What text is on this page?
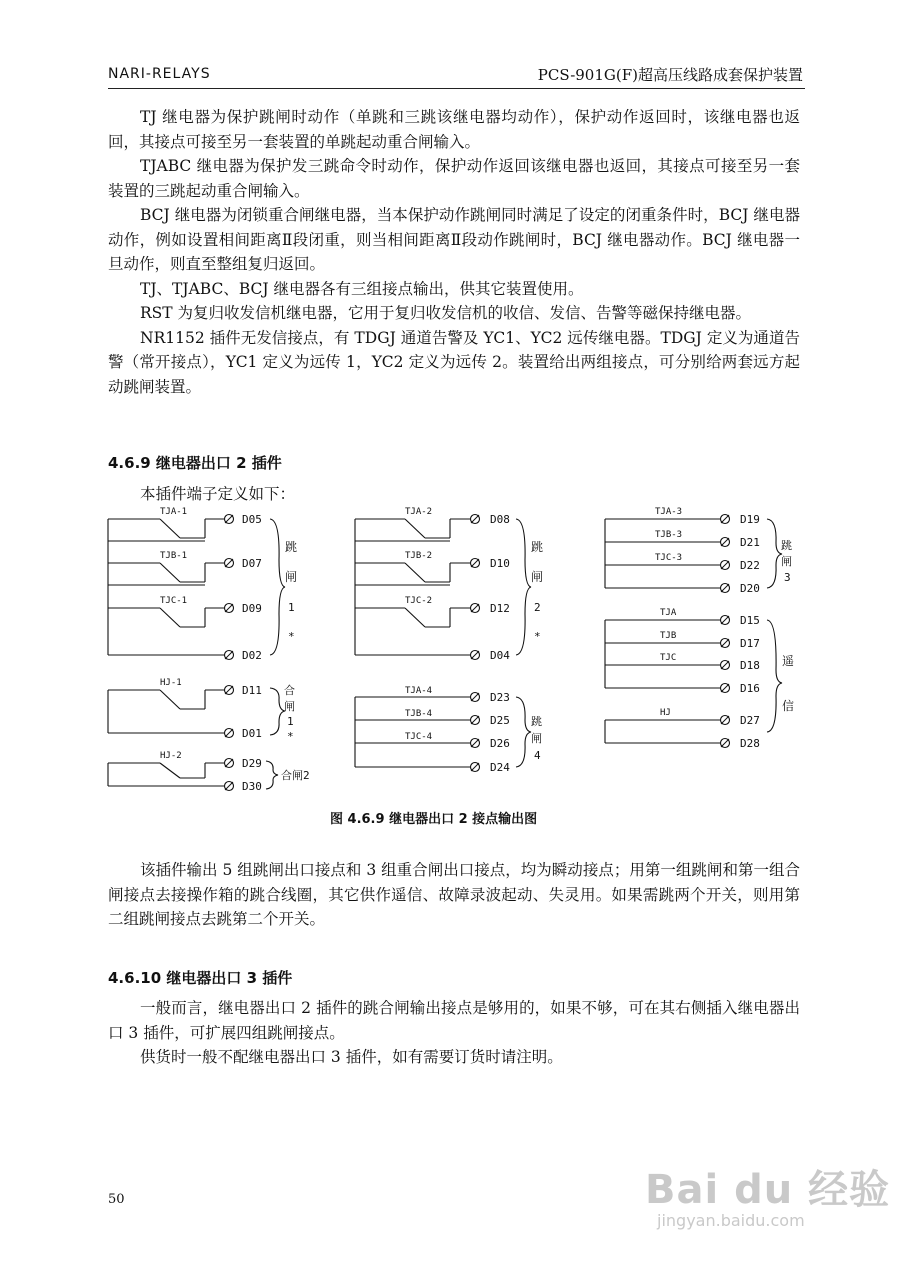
NARI-RELAYS	PCS-901G(F)超高压线路成套保护装置

TJ 继电器为保护跳闸时动作（单跳和三跳该继电器均动作），保护动作返回时，该继电器也返回，其接点可接至另一套装置的单跳起动重合闸输入。

TJABC 继电器为保护发三跳命令时动作，保护动作返回该继电器也返回，其接点可接至另一套装置的三跳起动重合闸输入。

BCJ 继电器为闭锁重合闸继电器，当本保护动作跳闸同时满足了设定的闭重条件时，BCJ 继电器动作，例如设置相间距离Ⅱ段闭重，则当相间距离Ⅱ段动作跳闸时，BCJ 继电器动作。BCJ 继电器一旦动作，则直至整组复归返回。

TJ、TJABC、BCJ 继电器各有三组接点输出，供其它装置使用。

RST 为复归收发信机继电器，它用于复归收发信机的收信、发信、告警等磁保持继电器。

NR1152 插件无发信接点，有 TDGJ 通道告警及 YC1、YC2 远传继电器。TDGJ 定义为通道告警（常开接点），YC1 定义为远传 1，YC2 定义为远传 2。装置给出两组接点，可分别给两套远方起动跳闸装置。

4.6.9 继电器出口 2 插件
本插件端子定义如下：
TJA-1
TJB-1
TJC-1
D05
D07
D09
D02
跳
闸
1
*
HJ-1
D11
D01
合
闸
1
*
HJ-2
D29
D30
合闸2
TJA-2
TJB-2
TJC-2
D08
D10
D12
D04
跳
闸
2
*
TJA-4
TJB-4
TJC-4
D23
D25
D26
D24
跳
闸
4
TJA-3
TJB-3
TJC-3
D19
D21
D22
D20
跳
闸
3
TJA
TJB
TJC
HJ
D15
D17
D18
D16
D27
D28
遥
信
图 4.6.9 继电器出口 2 接点输出图

该插件输出 5 组跳闸出口接点和 3 组重合闸出口接点，均为瞬动接点；用第一组跳闸和第一组合闸接点去接操作箱的跳合线圈，其它供作遥信、故障录波起动、失灵用。如果需跳两个开关，则用第二组跳闸接点去跳第二个开关。

4.6.10 继电器出口 3 插件

一般而言，继电器出口 2 插件的跳合闸输出接点是够用的，如果不够，可在其右侧插入继电器出口 3 插件，可扩展四组跳闸接点。

供货时一般不配继电器出口 3 插件，如有需要订货时请注明。

50	Bai du 经验
jingyan.baidu.com
